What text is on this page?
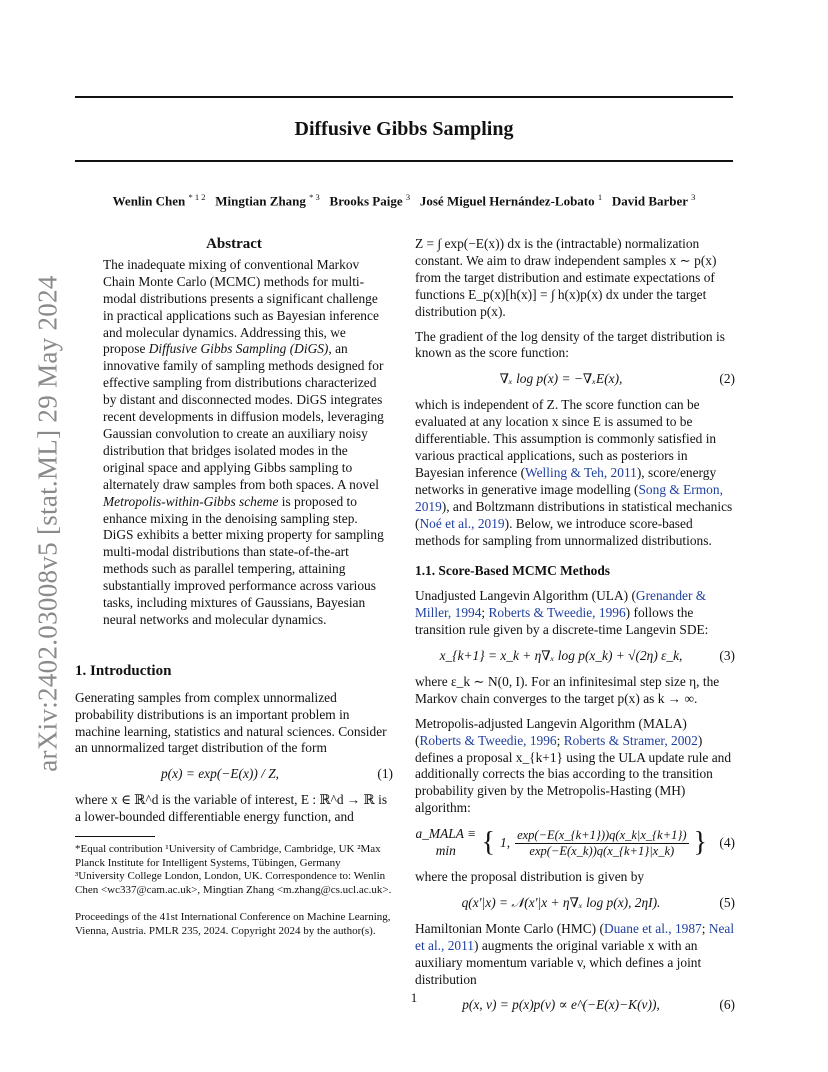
arXiv:2402.03008v5 [stat.ML] 29 May 2024
Diffusive Gibbs Sampling
Wenlin Chen $^{* 1 2}$ Mingtian Zhang $^{* 3}$ Brooks Paige $^3$ José Miguel Hernández-Lobato $^1$ David Barber $^3$
Abstract

The inadequate mixing of conventional Markov Chain Monte Carlo (MCMC) methods for multi-modal distributions presents a significant challenge in practical applications such as Bayesian inference and molecular dynamics. Addressing this, we propose Diffusive Gibbs Sampling (DiGS), an innovative family of sampling methods designed for effective sampling from distributions characterized by distant and disconnected modes. DiGS integrates recent developments in diffusion models, leveraging Gaussian convolution to create an auxiliary noisy distribution that bridges isolated modes in the original space and applying Gibbs sampling to alternately draw samples from both spaces. A novel Metropolis-within-Gibbs scheme is proposed to enhance mixing in the denoising sampling step. DiGS exhibits a better mixing property for sampling multi-modal distributions than state-of-the-art methods such as parallel tempering, attaining substantially improved performance across various tasks, including mixtures of Gaussians, Bayesian neural networks and molecular dynamics.

1. Introduction

Generating samples from complex unnormalized probability distributions is an important problem in machine learning, statistics and natural sciences. Consider an unnormalized target distribution of the form

p(x) = exp(−E(x)) / Z,	(1)

where x ∈ ℝ^d is the variable of interest, E : ℝ^d → ℝ is a lower-bounded differentiable energy function, and

*Equal contribution ¹University of Cambridge, Cambridge, UK ²Max Planck Institute for Intelligent Systems, Tübingen, Germany ³University College London, London, UK. Correspondence to: Wenlin Chen <wc337@cam.ac.uk>, Mingtian Zhang <m.zhang@cs.ucl.ac.uk>.

Proceedings of the 41st International Conference on Machine Learning, Vienna, Austria. PMLR 235, 2024. Copyright 2024 by the author(s).

Z = ∫ exp(−E(x)) dx is the (intractable) normalization constant. We aim to draw independent samples x ∼ p(x) from the target distribution and estimate expectations of functions E_p(x)[h(x)] = ∫ h(x)p(x) dx under the target distribution p(x).

The gradient of the log density of the target distribution is known as the score function:

∇ₓ log p(x) = −∇ₓE(x),	(2)

which is independent of Z. The score function can be evaluated at any location x since E is assumed to be differentiable. This assumption is commonly satisfied in various practical applications, such as posteriors in Bayesian inference (Welling & Teh, 2011), score/energy networks in generative image modelling (Song & Ermon, 2019), and Boltzmann distributions in statistical mechanics (Noé et al., 2019). Below, we introduce score-based methods for sampling from unnormalized distributions.

1.1. Score-Based MCMC Methods

Unadjusted Langevin Algorithm (ULA) (Grenander & Miller, 1994; Roberts & Tweedie, 1996) follows the transition rule given by a discrete-time Langevin SDE:

x_{k+1} = x_k + η∇ₓ log p(x_k) + √(2η) ε_k,	(3)

where ε_k ∼ N(0, I). For an infinitesimal step size η, the Markov chain converges to the target p(x) as k → ∞.

Metropolis-adjusted Langevin Algorithm (MALA) (Roberts & Tweedie, 1996; Roberts & Stramer, 2002) defines a proposal x_{k+1} using the ULA update rule and additionally corrects the bias according to the transition probability given by the Metropolis-Hasting (MH) algorithm:

a_MALA ≡ min { 1, $\frac{\exp(-E(x\_\{k+1\}))q(x\_k|x\_\{k+1\})}{\exp(-E(x\_k))q(x\_\{k+1\}|x\_k)}$ } (4)

where the proposal distribution is given by

q(x′|x) = 𝒩(x′|x + η∇ₓ log p(x), 2ηI).	(5)

Hamiltonian Monte Carlo (HMC) (Duane et al., 1987; Neal et al., 2011) augments the original variable x with an auxiliary momentum variable v, which defines a joint distribution

p(x, v) = p(x)p(v) ∝ e^(−E(x)−K(v)),	(6)
1
